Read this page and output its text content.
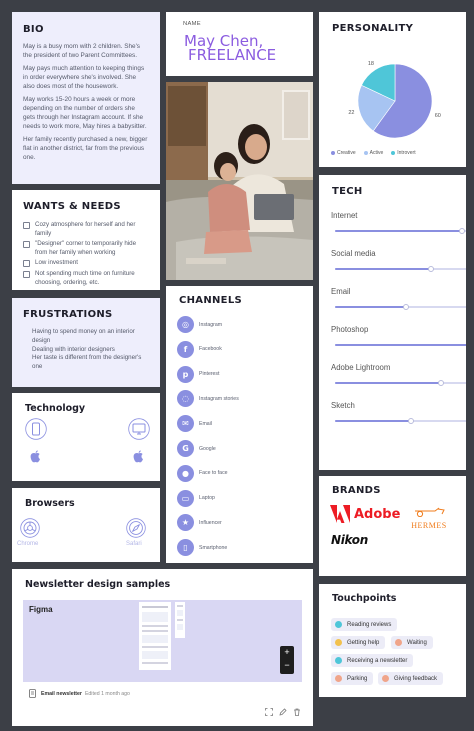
BIO

May is a busy mom with 2 children. She's the president of two Parent Committees.

May pays much attention to keeping things in order everywhere she's involved. She also does most of the housework.

May works 15-20 hours a week or more depending on the number of orders she gets through her Instagram account. If she needs to work more, May hires a babysitter.

Her family recently purchased a new, bigger flat in another district, far from the previous one.

WANTS & NEEDS
Cozy atmosphere for herself and her family
"Designer" corner to temporarily hide from her family when working
Low investment
Not spending much time on furniture choosing, ordering, etc.
FRUSTRATIONS
Having to spend money on an interior design
Dealing with interior designers
Her taste is different from the designer's one
Technology
Browsers
Chrome	Safari
NAME
May Chen,
FREELANCE
CHANNELS
◎	Instagram
f	Facebook
p	Pinterest
◌	Instagram stories
✉	Email
G	Google
●	Face to face
▭	Laptop
★	Influencer
▯	Smartphone
PERSONALITY
60
22
18
Creative	Active	Introvert
TECH
Internet
Social media
Email
Photoshop
Adobe Lightroom
Sketch
BRANDS
Adobe
HERMES
Nikon
Touchpoints
Reading reviews
Getting help	Waiting
Receiving a newsletter
Parking	Giving feedback
Newsletter design samples
Figma
+
−
Email newsletter Edited 1 month ago
